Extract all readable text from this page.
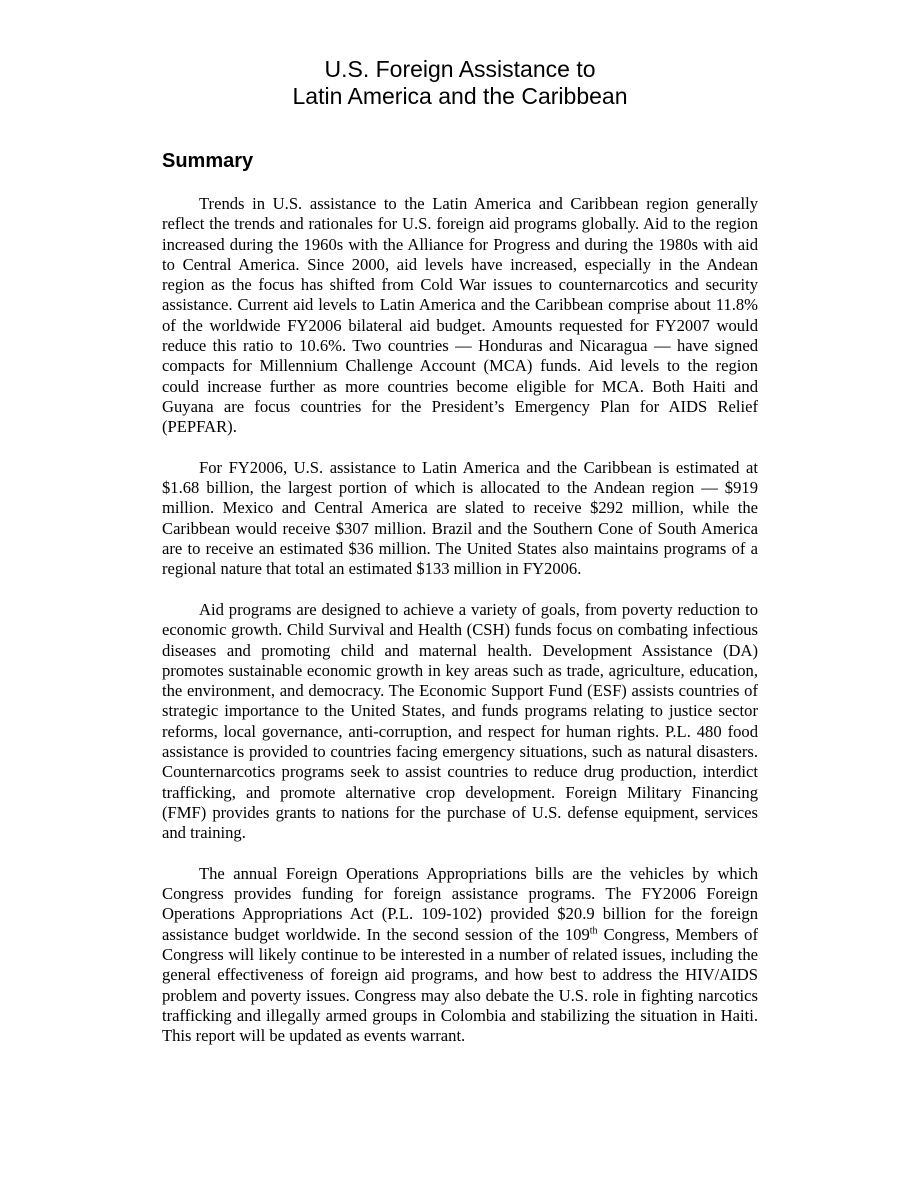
U.S. Foreign Assistance to
Latin America and the Caribbean
Summary

Trends in U.S. assistance to the Latin America and Caribbean region generally reflect the trends and rationales for U.S. foreign aid programs globally. Aid to the region increased during the 1960s with the Alliance for Progress and during the 1980s with aid to Central America. Since 2000, aid levels have increased, especially in the Andean region as the focus has shifted from Cold War issues to counternarcotics and security assistance. Current aid levels to Latin America and the Caribbean comprise about 11.8% of the worldwide FY2006 bilateral aid budget. Amounts requested for FY2007 would reduce this ratio to 10.6%. Two countries — Honduras and Nicaragua — have signed compacts for Millennium Challenge Account (MCA) funds. Aid levels to the region could increase further as more countries become eligible for MCA. Both Haiti and Guyana are focus countries for the President’s Emergency Plan for AIDS Relief (PEPFAR).

For FY2006, U.S. assistance to Latin America and the Caribbean is estimated at $1.68 billion, the largest portion of which is allocated to the Andean region — $919 million. Mexico and Central America are slated to receive $292 million, while the Caribbean would receive $307 million. Brazil and the Southern Cone of South America are to receive an estimated $36 million. The United States also maintains programs of a regional nature that total an estimated $133 million in FY2006.

Aid programs are designed to achieve a variety of goals, from poverty reduction to economic growth. Child Survival and Health (CSH) funds focus on combating infectious diseases and promoting child and maternal health. Development Assistance (DA) promotes sustainable economic growth in key areas such as trade, agriculture, education, the environment, and democracy. The Economic Support Fund (ESF) assists countries of strategic importance to the United States, and funds programs relating to justice sector reforms, local governance, anti-corruption, and respect for human rights. P.L. 480 food assistance is provided to countries facing emergency situations, such as natural disasters. Counternarcotics programs seek to assist countries to reduce drug production, interdict trafficking, and promote alternative crop development. Foreign Military Financing (FMF) provides grants to nations for the purchase of U.S. defense equipment, services and training.

The annual Foreign Operations Appropriations bills are the vehicles by which Congress provides funding for foreign assistance programs. The FY2006 Foreign Operations Appropriations Act (P.L. 109-102) provided $20.9 billion for the foreign assistance budget worldwide. In the second session of the 109th Congress, Members of Congress will likely continue to be interested in a number of related issues, including the general effectiveness of foreign aid programs, and how best to address the HIV/AIDS problem and poverty issues. Congress may also debate the U.S. role in fighting narcotics trafficking and illegally armed groups in Colombia and stabilizing the situation in Haiti. This report will be updated as events warrant.
